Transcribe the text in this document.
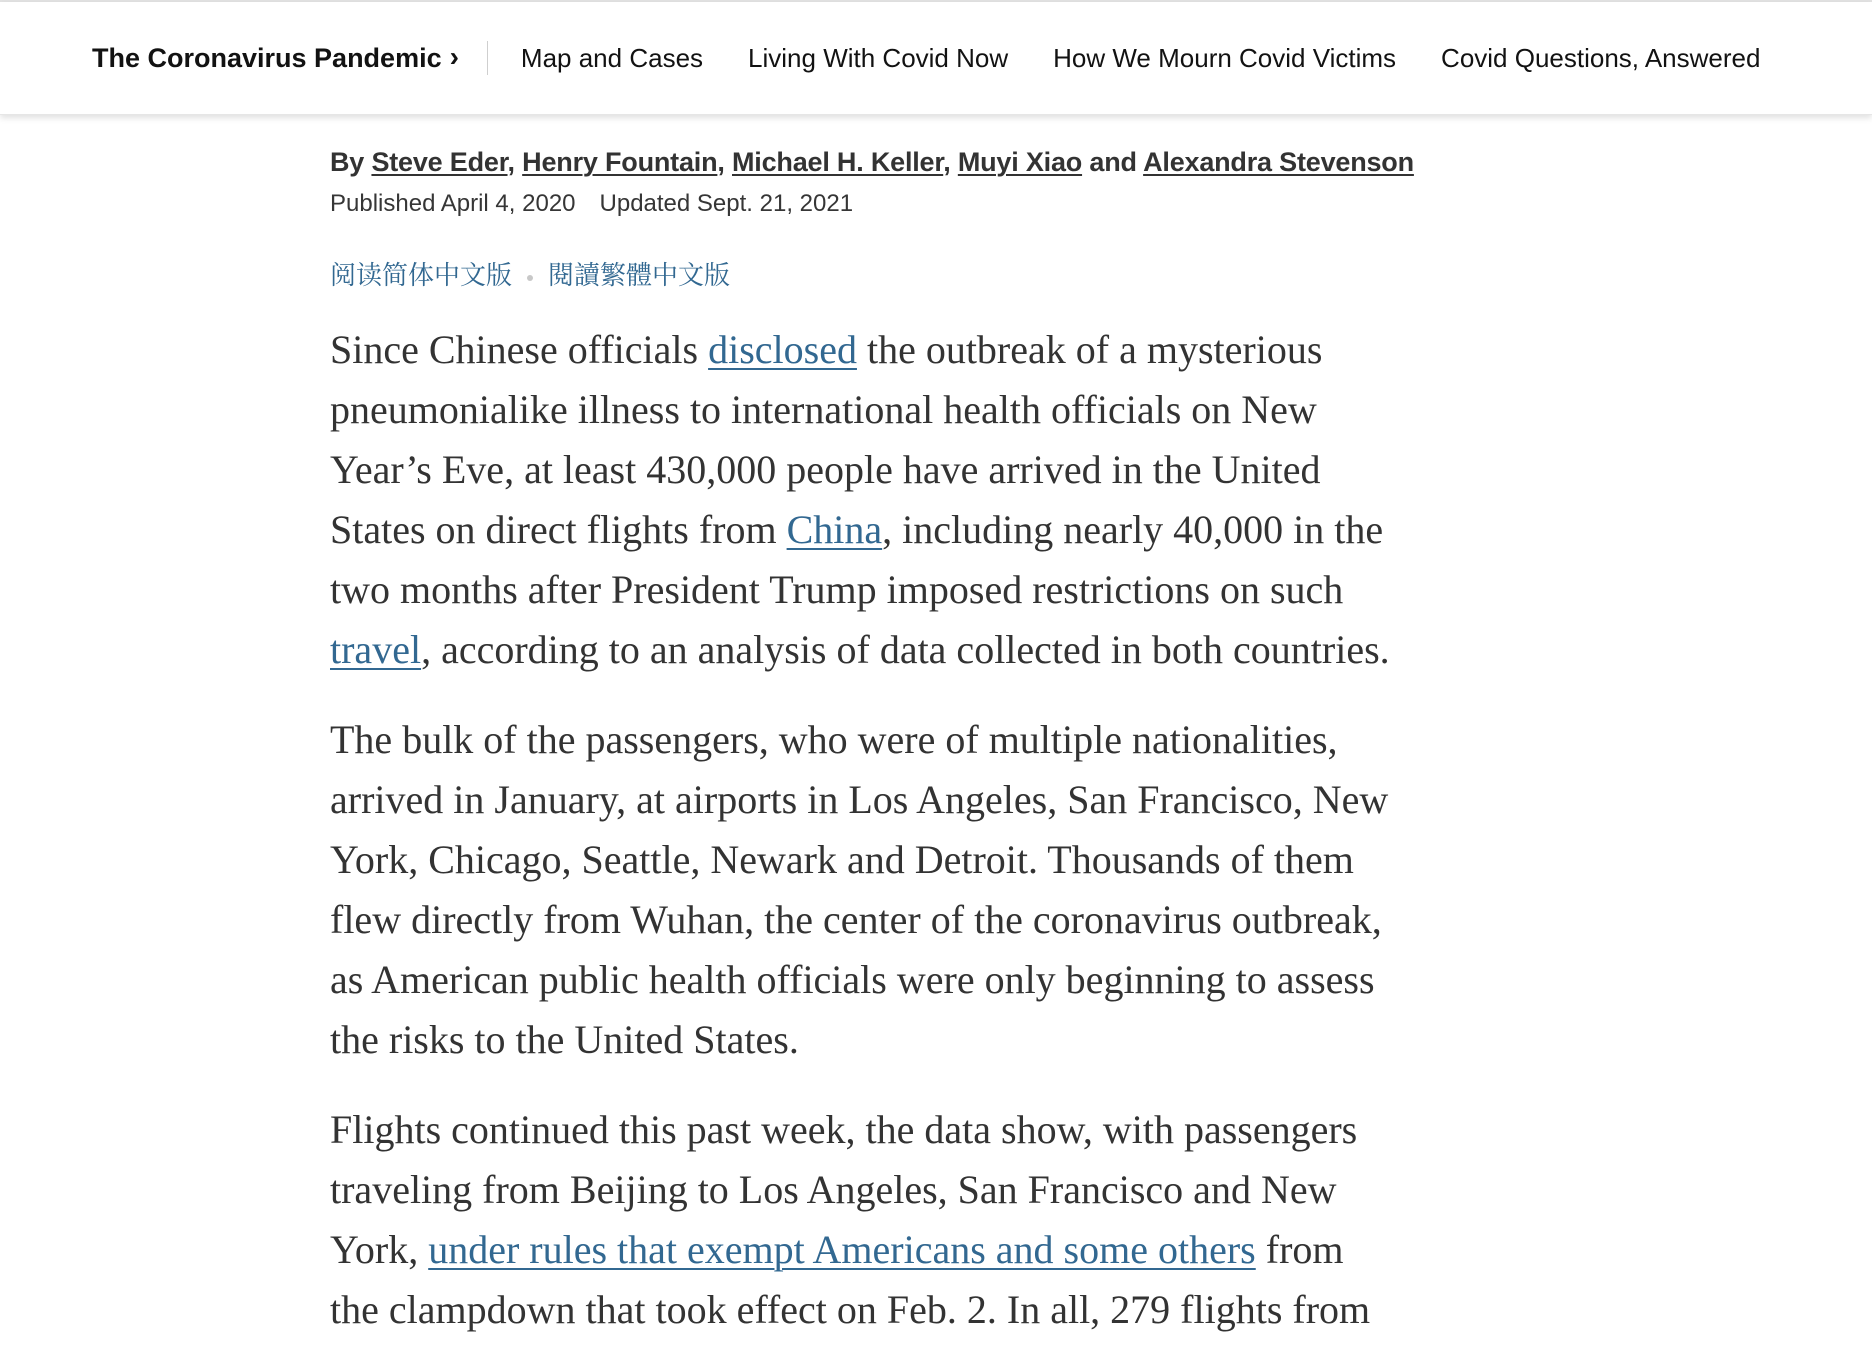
The Coronavirus Pandemic › Map and Cases Living With Covid Now How We Mourn Covid Victims Covid Questions, Answered
By Steve Eder, Henry Fountain, Michael H. Keller, Muyi Xiao and Alexandra Stevenson
Published April 4, 2020 Updated Sept. 21, 2021
阅读简体中文版 閱讀繁體中文版

Since Chinese officials disclosed the outbreak of a mysterious
pneumonialike illness to international health officials on New
Year’s Eve, at least 430,000 people have arrived in the United
States on direct flights from China, including nearly 40,000 in the
two months after President Trump imposed restrictions on such
travel, according to an analysis of data collected in both countries.

The bulk of the passengers, who were of multiple nationalities,
arrived in January, at airports in Los Angeles, San Francisco, New
York, Chicago, Seattle, Newark and Detroit. Thousands of them
flew directly from Wuhan, the center of the coronavirus outbreak,
as American public health officials were only beginning to assess
the risks to the United States.

Flights continued this past week, the data show, with passengers
traveling from Beijing to Los Angeles, San Francisco and New
York, under rules that exempt Americans and some others from
the clampdown that took effect on Feb. 2. In all, 279 flights from
